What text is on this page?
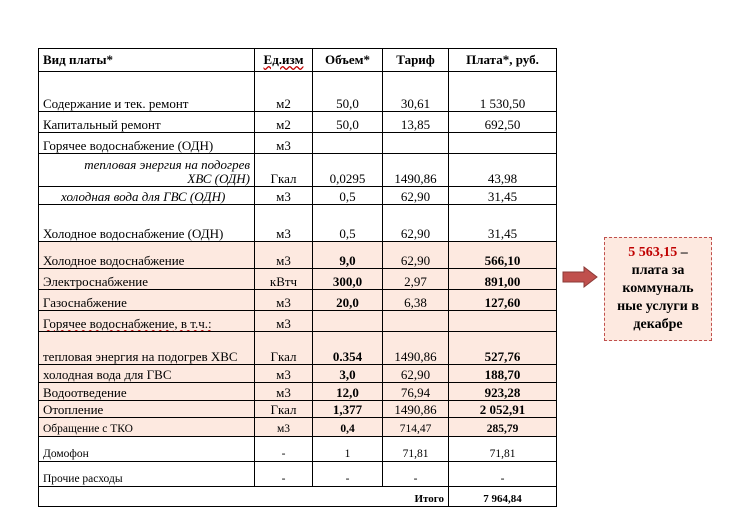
Вид платы*	Ед.изм	Объем*	Тариф	Плата*, руб.
Содержание и тек. ремонт	м2	50,0	30,61	1 530,50
Капитальный ремонт	м2	50,0	13,85	692,50
Горячее водоснабжение (ОДН)	м3			
тепловая энергия на подогрев ХВС (ОДН)	Гкал	0,0295	1490,86	43,98
холодная вода для ГВС (ОДН)	м3	0,5	62,90	31,45
Холодное водоснабжение (ОДН)	м3	0,5	62,90	31,45
Холодное водоснабжение	м3	9,0	62,90	566,10
Электроснабжение	кВтч	300,0	2,97	891,00
Газоснабжение	м3	20,0	6,38	127,60
Горячее водоснабжение, в т.ч.:	м3			
тепловая энергия на подогрев ХВС	Гкал	0.354	1490,86	527,76
холодная вода для ГВС	м3	3,0	62,90	188,70
Водоотведение	м3	12,0	76,94	923,28
Отопление	Гкал	1,377	1490,86	2 052,91
Обращение с ТКО	м3	0,4	714,47	285,79
Домофон	-	1	71,81	71,81
Прочие расходы	-	-	-	-
Итого				7 964,84
5 563,15 –
плата за коммуналь ные услуги в декабре
